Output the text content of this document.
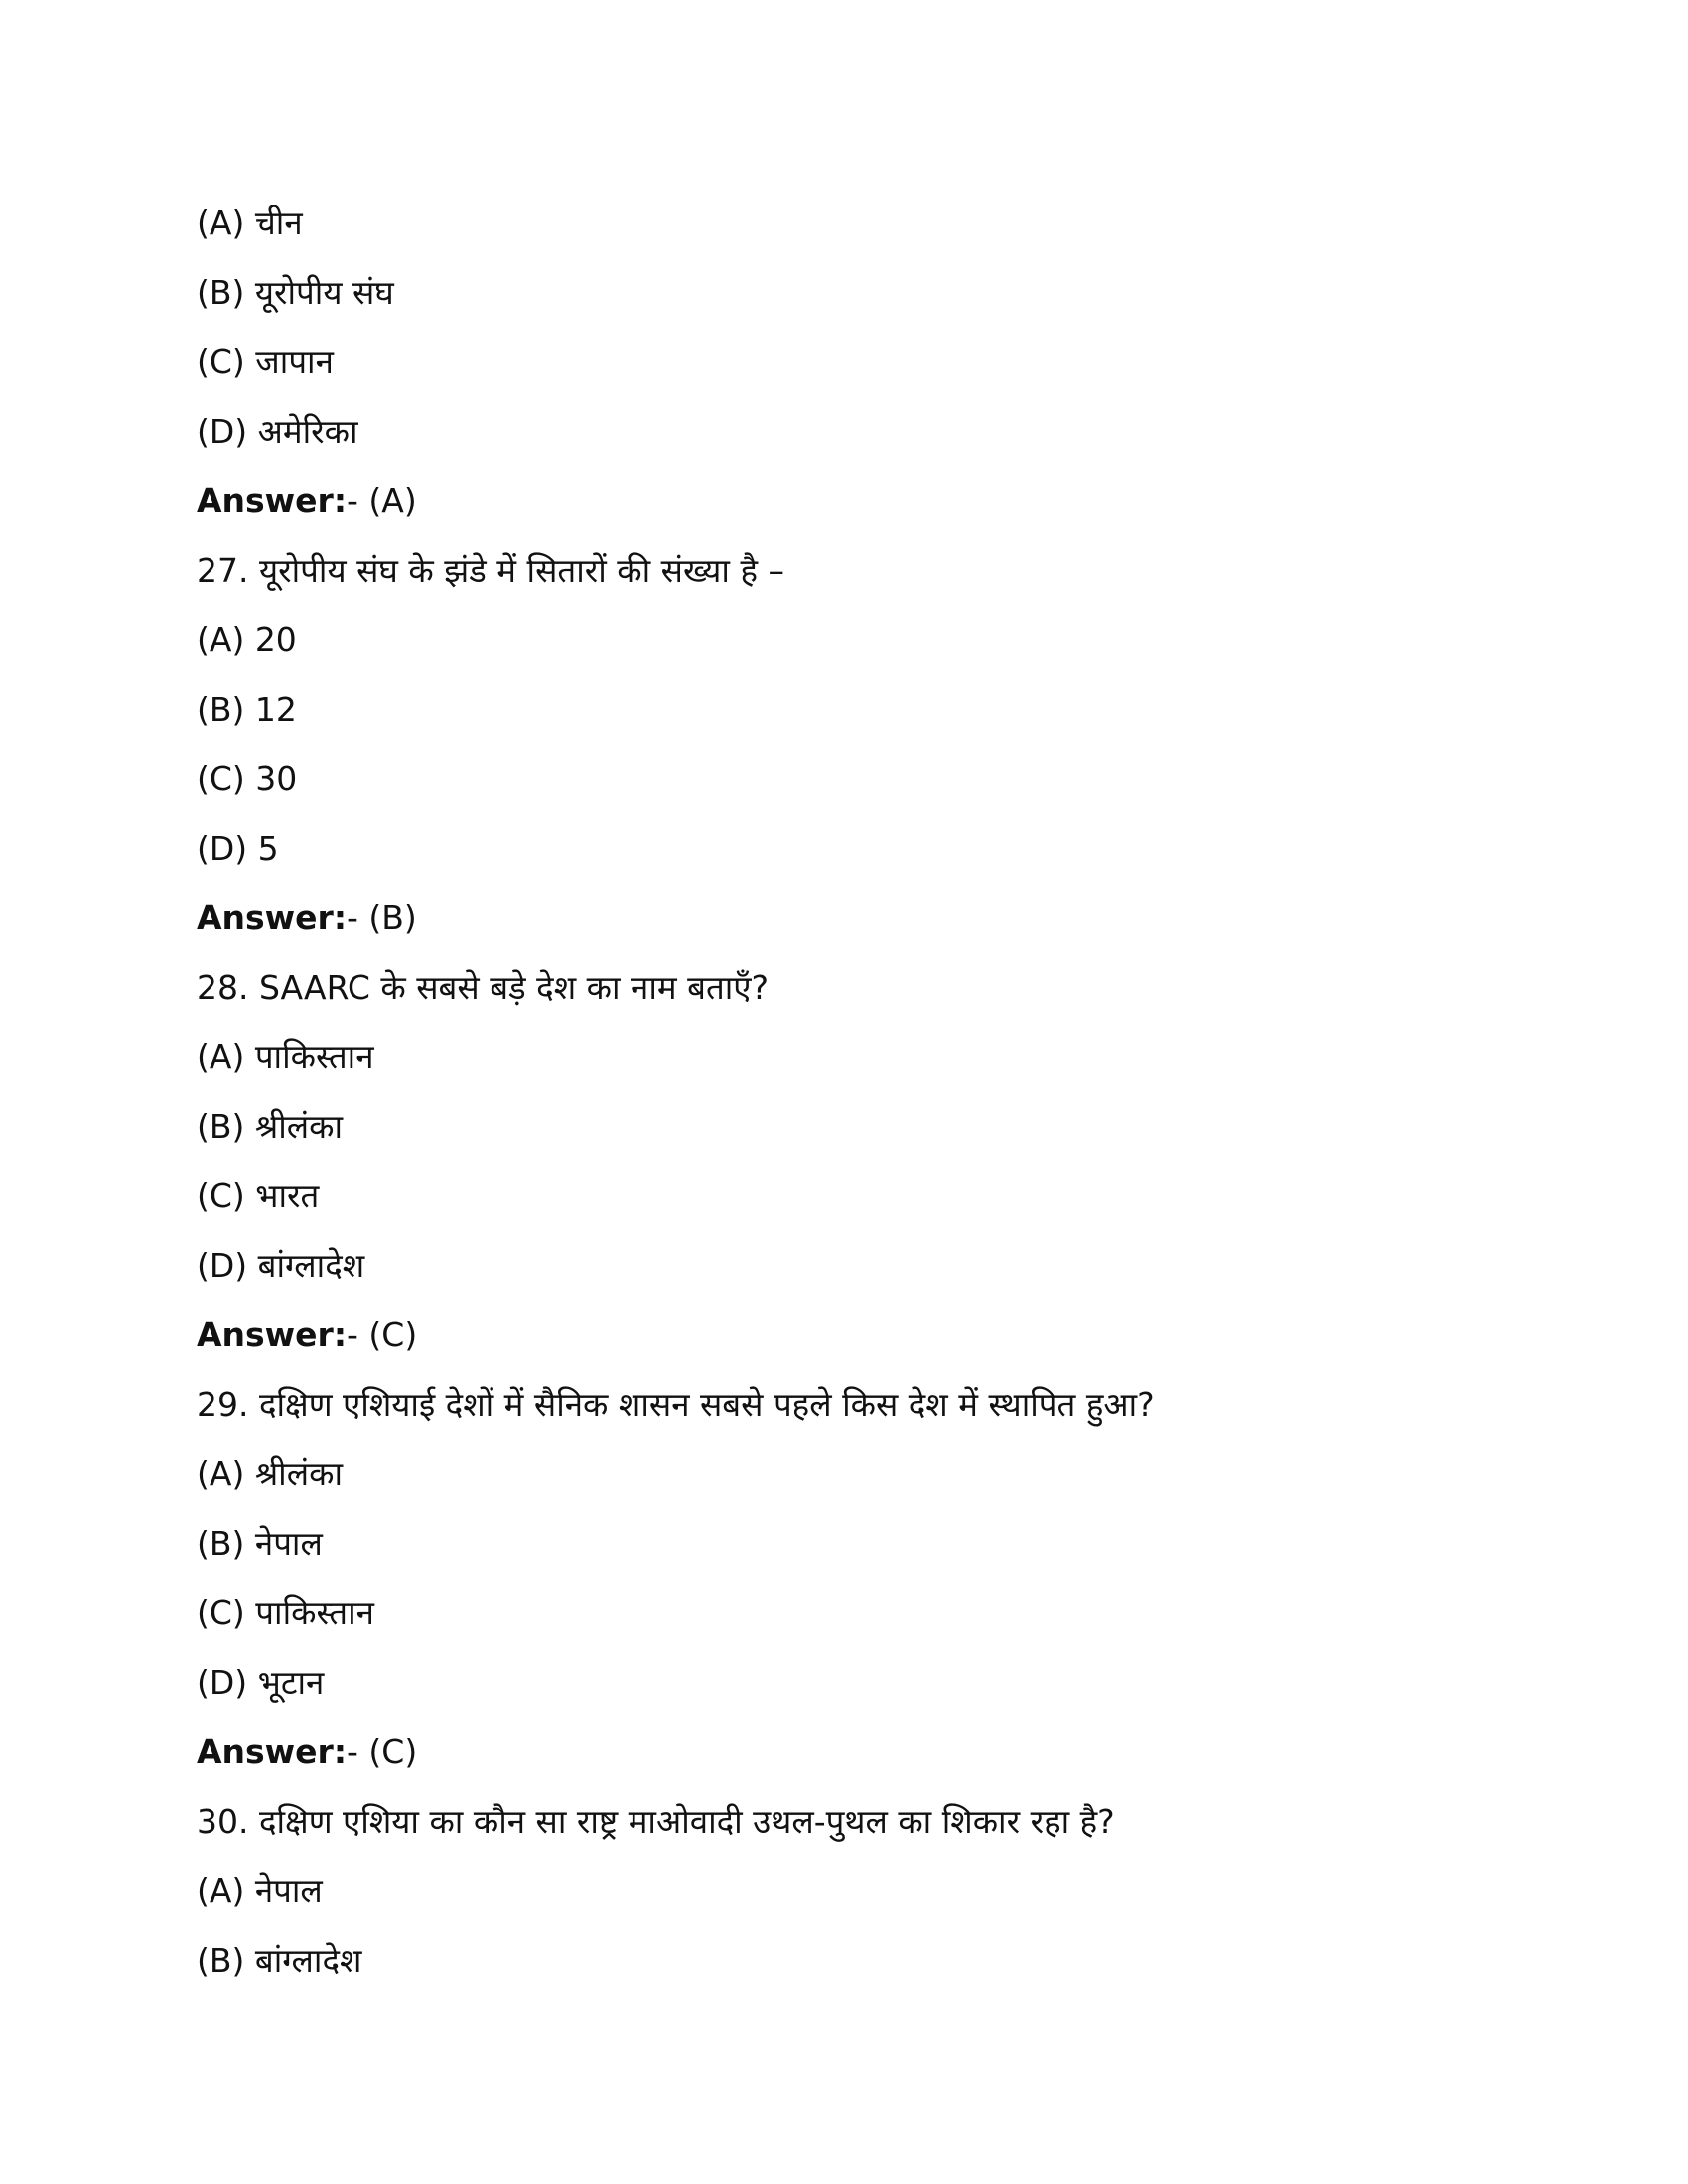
(A) चीन
(B) यूरोपीय संघ
(C) जापान
(D) अमेरिका
Answer:- (A)
27. यूरोपीय संघ के झंडे में सितारों की संख्या है –
(A) 20
(B) 12
(C) 30
(D) 5
Answer:- (B)
28. SAARC के सबसे बड़े देश का नाम बताएँ?
(A) पाकिस्तान
(B) श्रीलंका
(C) भारत
(D) बांग्लादेश
Answer:- (C)
29. दक्षिण एशियाई देशों में सैनिक शासन सबसे पहले किस देश में स्थापित हुआ?
(A) श्रीलंका
(B) नेपाल
(C) पाकिस्तान
(D) भूटान
Answer:- (C)
30. दक्षिण एशिया का कौन सा राष्ट्र माओवादी उथल-पुथल का शिकार रहा है?
(A) नेपाल
(B) बांग्लादेश
